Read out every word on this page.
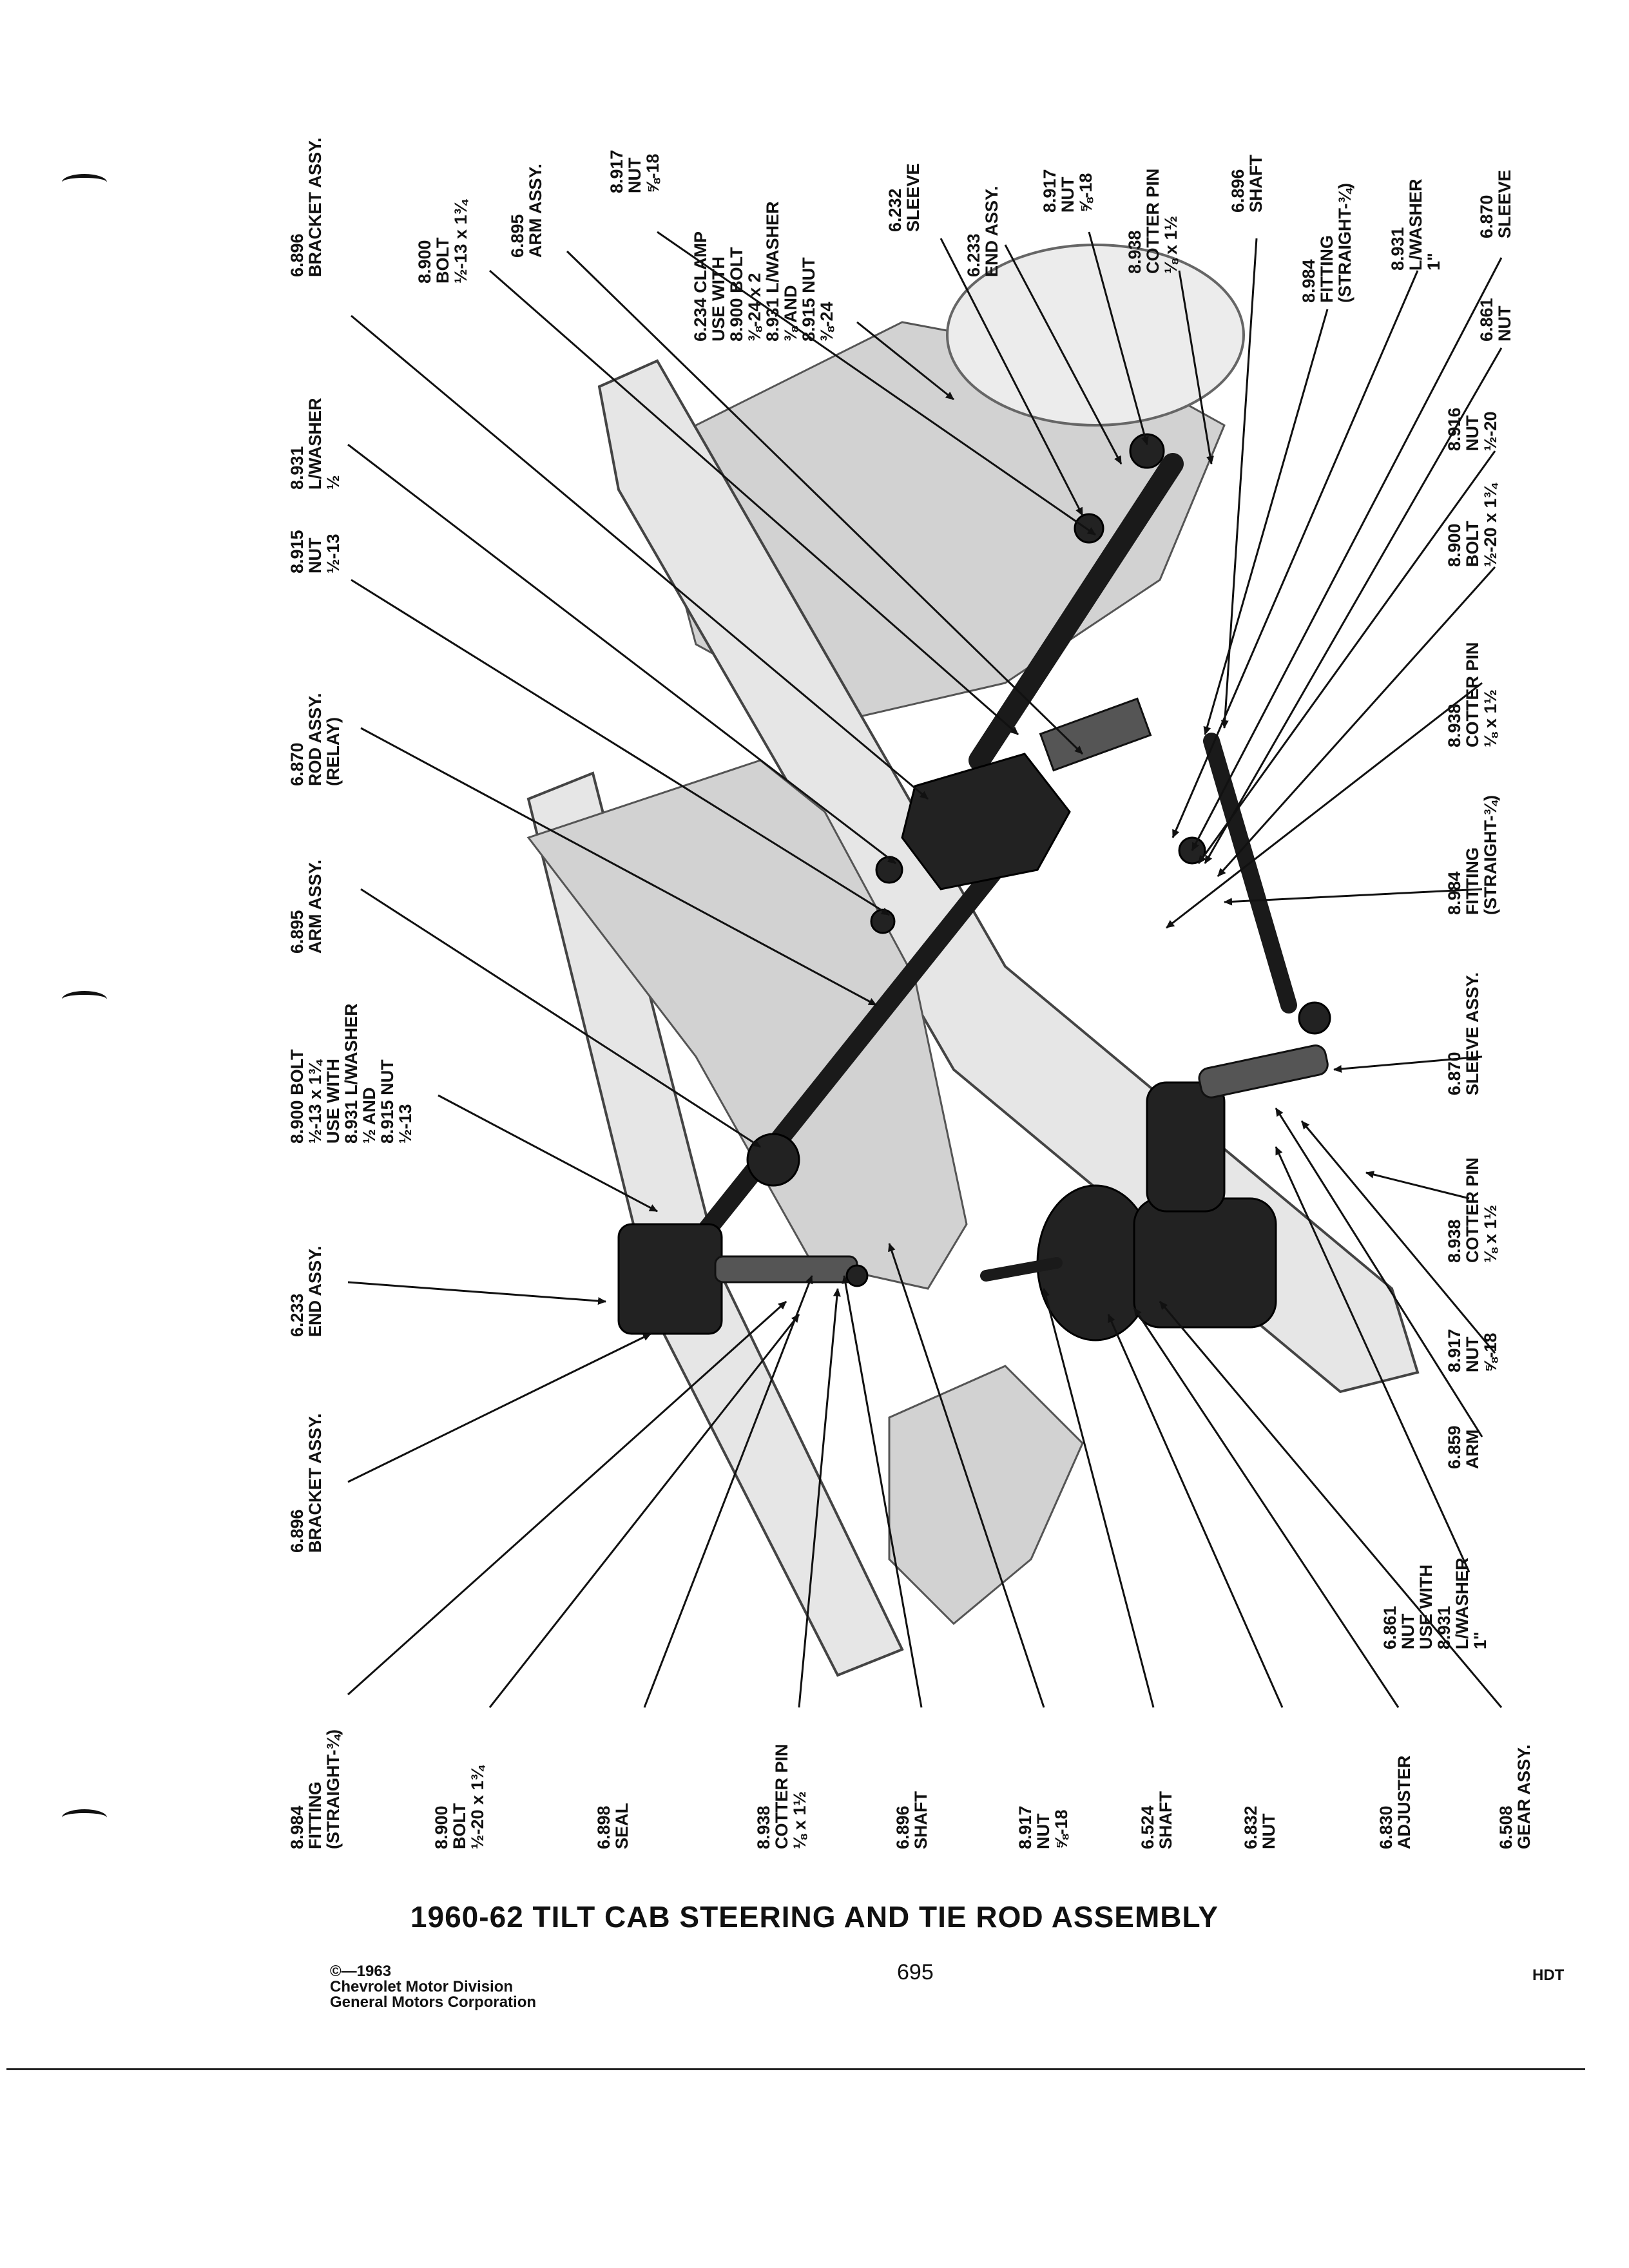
6.896
BRACKET ASSY.	8.900
BOLT
½-13 x 1¾ 6.895
ARM ASSY.	8.917
NUT
⅝-18
6.234 CLAMP
USE WITH
8.900 BOLT
⅜-24 x 2
8.931 L/WASHER
⅜ AND
8.915 NUT
⅜-24
6.232
SLEEVE
6.233
END ASSY. 8.917
NUT
⅝-18
8.938
COTTER PIN
⅛ x 1½
6.896
SHAFT
8.984
FITTING
(STRAIGHT-¾) 8.931
L/WASHER
1"
6.870
SLEEVE
6.861
NUT
8.931
L/WASHER
½
8.915
NUT
½-13
8.916
NUT
½-20
8.900
BOLT
½-20 x 1¾
6.870
ROD ASSY.
(RELAY)	8.938
COTTER PIN
⅛ x 1½
6.895
ARM ASSY.	8.984
FITTING
(STRAIGHT-¾)
8.900 BOLT
½-13 x 1¾
USE WITH
8.931 L/WASHER
½ AND
8.915 NUT
½-13
6.870
SLEEVE ASSY.
8.938
COTTER PIN
⅛ x 1½
6.233
END ASSY.
8.917
NUT
⅝-18
6.859
ARM
6.896
BRACKET ASSY.
6.861
NUT
USE WITH
8.931
L/WASHER
1"
8.984
FITTING
(STRAIGHT-¾)	8.900
BOLT
½-20 x 1¾	6.898
SEAL	8.938
COTTER PIN
⅛ x 1½	6.896
SHAFT	8.917
NUT
⅝-18	6.524
SHAFT	6.832
NUT	6.830
ADJUSTER	6.508
GEAR ASSY.
1960-62 TILT CAB STEERING AND TIE ROD ASSEMBLY
©—1963
Chevrolet Motor Division
General Motors Corporation
695	HDT
